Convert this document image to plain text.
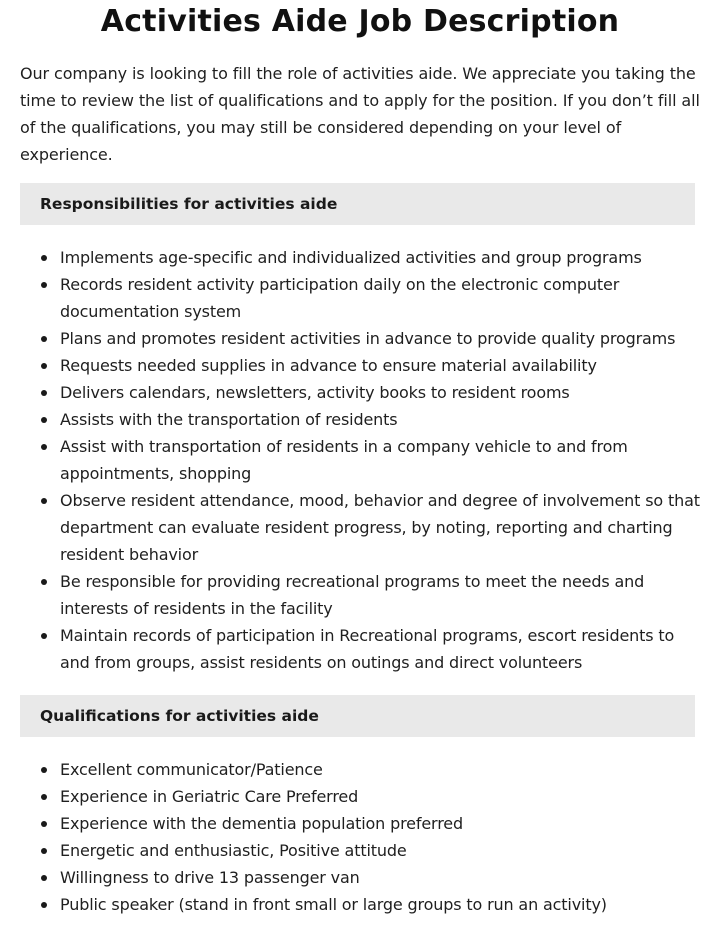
Activities Aide Job Description

Our company is looking to fill the role of activities aide. We appreciate you taking the time to review the list of qualifications and to apply for the position. If you don’t fill all of the qualifications, you may still be considered depending on your level of experience.

Responsibilities for activities aide
Implements age-specific and individualized activities and group programs
Records resident activity participation daily on the electronic computer documentation system
Plans and promotes resident activities in advance to provide quality programs
Requests needed supplies in advance to ensure material availability
Delivers calendars, newsletters, activity books to resident rooms
Assists with the transportation of residents
Assist with transportation of residents in a company vehicle to and from appointments, shopping
Observe resident attendance, mood, behavior and degree of involvement so that department can evaluate resident progress, by noting, reporting and charting resident behavior
Be responsible for providing recreational programs to meet the needs and interests of residents in the facility
Maintain records of participation in Recreational programs, escort residents to and from groups, assist residents on outings and direct volunteers
Qualifications for activities aide
Excellent communicator/Patience
Experience in Geriatric Care Preferred
Experience with the dementia population preferred
Energetic and enthusiastic, Positive attitude
Willingness to drive 13 passenger van
Public speaker (stand in front small or large groups to run an activity)
